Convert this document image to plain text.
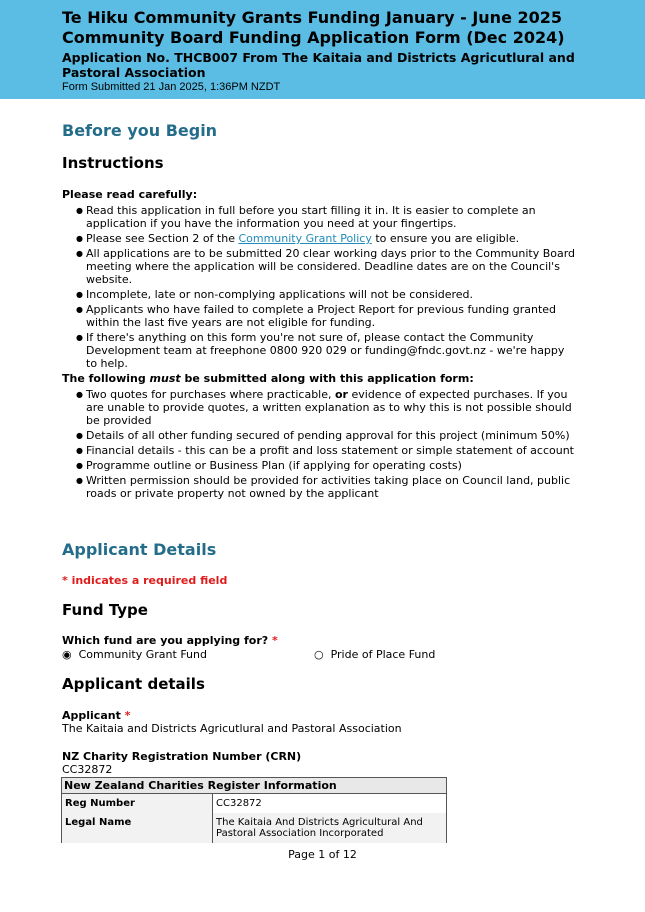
Te Hiku Community Grants Funding January - June 2025
Community Board Funding Application Form (Dec 2024)
Application No. THCB007 From The Kaitaia and Districts Agricutlural and Pastoral Association
Form Submitted 21 Jan 2025, 1:36PM NZDT
Before you Begin
Instructions
Please read carefully:
● Read this application in full before you start filling it in. It is easier to complete an application if you have the information you need at your fingertips.
● Please see Section 2 of the Community Grant Policy to ensure you are eligible.
● All applications are to be submitted 20 clear working days prior to the Community Board meeting where the application will be considered. Deadline dates are on the Council's website.
● Incomplete, late or non-complying applications will not be considered.
● Applicants who have failed to complete a Project Report for previous funding granted within the last five years are not eligible for funding.
● If there's anything on this form you're not sure of, please contact the Community Development team at freephone 0800 920 029 or funding@fndc.govt.nz - we're happy to help.
The following must be submitted along with this application form:
● Two quotes for purchases where practicable, or evidence of expected purchases. If you are unable to provide quotes, a written explanation as to why this is not possible should be provided
● Details of all other funding secured of pending approval for this project (minimum 50%)
● Financial details - this can be a profit and loss statement or simple statement of account
● Programme outline or Business Plan (if applying for operating costs)
● Written permission should be provided for activities taking place on Council land, public roads or private property not owned by the applicant
Applicant Details
* indicates a required field
Fund Type
Which fund are you applying for? *
◉  Community Grant Fund	○  Pride of Place Fund
Applicant details
Applicant *
The Kaitaia and Districts Agricutlural and Pastoral Association
NZ Charity Registration Number (CRN)
CC32872
New Zealand Charities Register Information	
Reg Number	CC32872
Legal Name	The Kaitaia And Districts Agricultural And Pastoral Association Incorporated
Page 1 of 12
